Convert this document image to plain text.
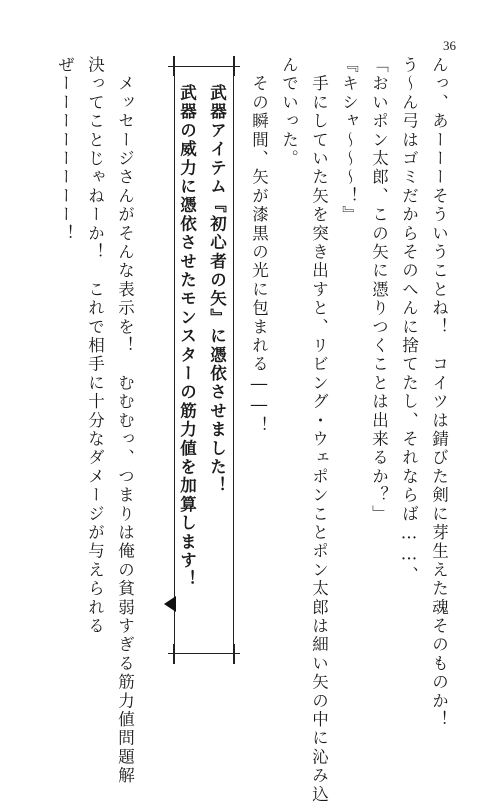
36
んっ、あーーーそういうことね！　コイツは錆びた剣に芽生えた魂そのものか！
う～ん弓はゴミだからそのへんに捨てたし、それならば……、
「おいポン太郎、この矢に憑りつくことは出来るか？」
『キシャ～～～！』
　手にしていた矢を突き出すと、リビング・ウェポンことポン太郎は細い矢の中に沁み込
んでいった。
　その瞬間、矢が漆黒の光に包まれる――！
武器アイテム『初心者の矢』に憑依させました！
武器の威力に憑依させたモンスターの筋力値を加算します！
　メッセージさんがそんな表示を！　むむむっ、つまりは俺の貧弱すぎる筋力値問題解
決ってことじゃねーか！　これで相手に十分なダメージが与えられる
ぜーーーーーーーー！
